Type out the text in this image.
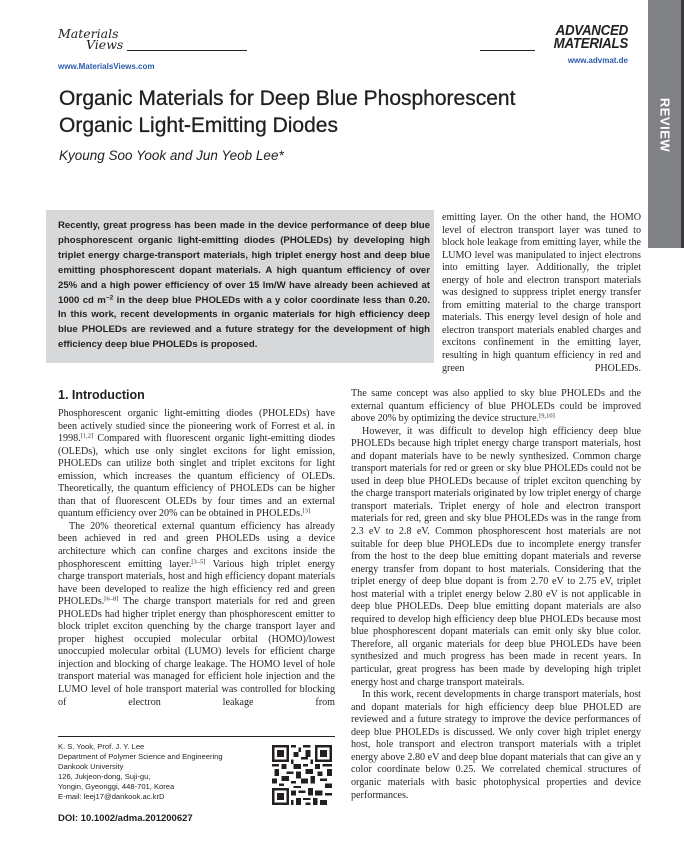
Materials
Views
www.MaterialsViews.com
ADVANCED
MATERIALS
www.advmat.de
REVIEW
Organic Materials for Deep Blue Phosphorescent Organic Light-Emitting Diodes
Kyoung Soo Yook and Jun Yeob Lee*
Recently, great progress has been made in the device performance of deep blue phosphorescent organic light-emitting diodes (PHOLEDs) by developing high triplet energy charge-transport materials, high triplet energy host and deep blue emitting phosphorescent dopant materials. A high quantum efficiency of over 25% and a high power efficiency of over 15 lm/W have already been achieved at 1000 cd $m^{-2}$ in the deep blue PHOLEDs with a y color coordinate less than 0.20. In this work, recent developments in organic materials for high efficiency deep blue PHOLEDs are reviewed and a future strategy for the development of high efficiency deep blue PHOLEDs is proposed.

emitting layer. On the other hand, the HOMO level of electron transport layer was tuned to block hole leakage from emitting layer, while the LUMO level was manipulated to inject electrons into emitting layer. Additionally, the triplet energy of hole and electron transport materials was designed to suppress triplet energy transfer from emitting material to the charge transport materials. This energy level design of hole and electron transport materials enabled charges and excitons confinement in the emitting layer, resulting in high quantum efficiency in red and green PHOLEDs.

1. Introduction

Phosphorescent organic light-emitting diodes (PHOLEDs) have been actively studied since the pioneering work of Forrest et al. in 1998.[1,2] Compared with fluorescent organic light-emitting diodes (OLEDs), which use only singlet excitons for light emission, PHOLEDs can utilize both singlet and triplet excitons for light emission, which increases the quantum efficiency of OLEDs. Theoretically, the quantum efficiency of PHOLEDs can be higher than that of fluorescent OLEDs by four times and an external quantum efficiency over 20% can be obtained in PHOLEDs.[3]

The 20% theoretical external quantum efficiency has already been achieved in red and green PHOLEDs using a device architecture which can confine charges and excitons inside the phosphorescent emitting layer.[3–5] Various high triplet energy charge transport materials, host and high efficiency dopant materials have been developed to realize the high efficiency red and green PHOLEDs.[6–8] The charge transport materials for red and green PHOLEDs had higher triplet energy than phosphorescent emitter to block triplet exciton quenching by the charge transport layer and proper highest occupied molecular orbital (HOMO)/lowest unoccupied molecular orbital (LUMO) levels for efficient charge injection and blocking of charge leakage. The HOMO level of hole transport material was managed for efficient hole injection and the LUMO level of hole transport material was controlled for blocking of electron leakage from

The same concept was also applied to sky blue PHOLEDs and the external quantum efficiency of blue PHOLEDs could be improved above 20% by optimizing the device structure.[9,10]

However, it was difficult to develop high efficiency deep blue PHOLEDs because high triplet energy charge transport materials, host and dopant materials have to be newly synthesized. Common charge transport materials for red or green or sky blue PHOLEDs could not be used in deep blue PHOLEDs because of triplet exciton quenching by the charge transport materials originated by low triplet energy of charge transport materials. Triplet energy of hole and electron transport materials for red, green and sky blue PHOLEDs was in the range from 2.3 eV to 2.8 eV. Common phosphorescent host materials are not suitable for deep blue PHOLEDs due to incomplete energy transfer from the host to the deep blue emitting dopant materials and reverse energy transfer from dopant to host materials. Considering that the triplet energy of deep blue dopant is from 2.70 eV to 2.75 eV, triplet host material with a triplet energy below 2.80 eV is not applicable in deep blue PHOLEDs. Deep blue emitting dopant materials are also required to develop high efficiency deep blue PHOLEDs because most blue phosphorescent dopant materials can emit only sky blue color. Therefore, all organic materials for deep blue PHOLEDs have been synthesized and much progress has been made in recent years. In particular, great progress has been made by developing high triplet energy host and charge transport mateirals.

In this work, recent developments in charge transport materials, host and dopant materials for high efficiency deep blue PHOLED are reviewed and a future strategy to improve the device performances of deep blue PHOLEDs is discussed. We only cover high triplet energy host, hole transport and electron transport materials with a triplet energy above 2.80 eV and deep blue dopant materials that can give an y color coordinate below 0.25. We correlated chemical structures of organic materials with basic photophysical properties and device performances.

K. S. Yook, Prof. J. Y. Lee
Department of Polymer Science and Engineering
Dankook University
126, Jukjeon-dong, Suji-gu,
Yongin, Gyeonggi, 448-701, Korea
E-mail: leej17@dankook.ac.krD
DOI: 10.1002/adma.201200627
